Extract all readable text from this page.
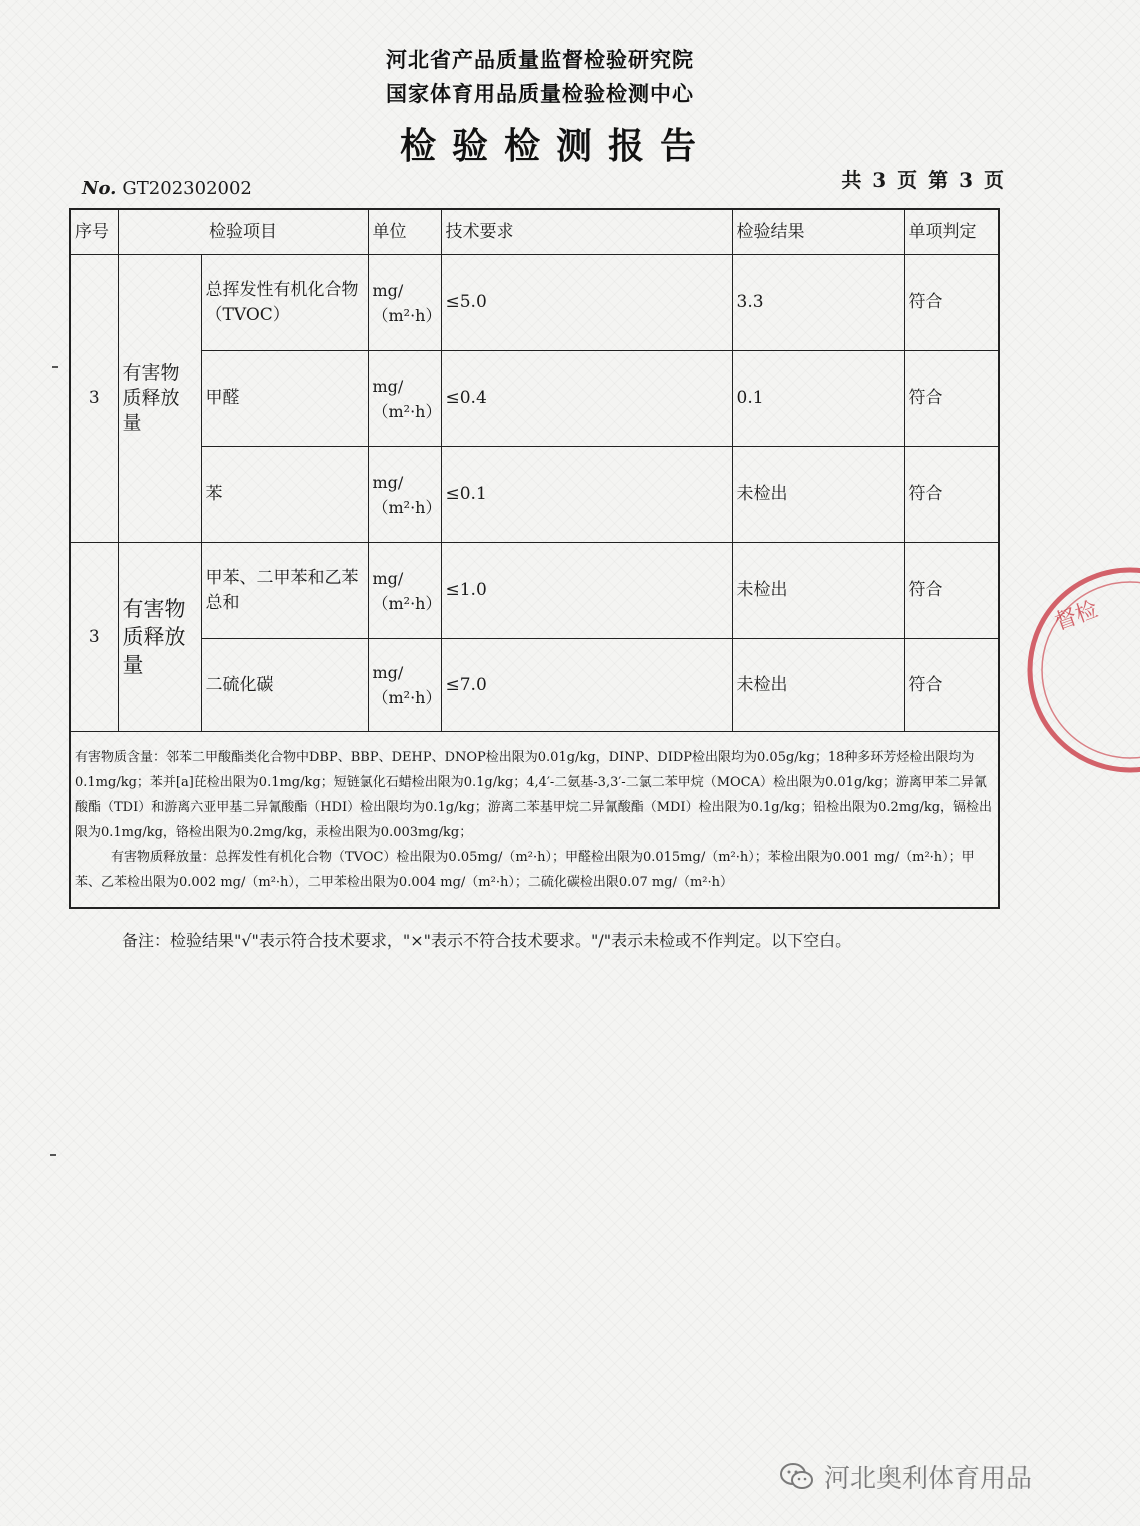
河北省产品质量监督检验研究院
国家体育用品质量检验检测中心
检验检测报告
共 3 页 第 3 页
No. GT202302002
序号	检验项目		单位	技术要求	检验结果	单项判定
3	有害物质释放量	总挥发性有机化合物（TVOC）	mg/（m²·h）	≤5.0	3.3	符合
		甲醛	mg/（m²·h）	≤0.4	0.1	符合
		苯	mg/（m²·h）	≤0.1	未检出	符合
3	有害物质释放量	甲苯、二甲苯和乙苯总和	mg/（m²·h）	≤1.0	未检出	符合
		二硫化碳	mg/（m²·h）	≤7.0	未检出	符合

有害物质含量：邻苯二甲酸酯类化合物中DBP、BBP、DEHP、DNOP检出限为0.01g/kg，DINP、DIDP检出限均为0.05g/kg；18种多环芳烃检出限均为0.1mg/kg；苯并[a]芘检出限为0.1mg/kg；短链氯化石蜡检出限为0.1g/kg；4,4′-二氨基-3,3′-二氯二苯甲烷（MOCA）检出限为0.01g/kg；游离甲苯二异氰酸酯（TDI）和游离六亚甲基二异氰酸酯（HDI）检出限均为0.1g/kg；游离二苯基甲烷二异氰酸酯（MDI）检出限为0.1g/kg；铅检出限为0.2mg/kg，镉检出限为0.1mg/kg，铬检出限为0.2mg/kg，汞检出限为0.003mg/kg；

有害物质释放量：总挥发性有机化合物（TVOC）检出限为0.05mg/（m²·h）；甲醛检出限为0.015mg/（m²·h）；苯检出限为0.001 mg/（m²·h）；甲苯、乙苯检出限为0.002 mg/（m²·h），二甲苯检出限为0.004 mg/（m²·h）；二硫化碳检出限0.07 mg/（m²·h）						

备注：检验结果"√"表示符合技术要求，"×"表示不符合技术要求。"/"表示未检或不作判定。以下空白。
督检
河北奥利体育用品
